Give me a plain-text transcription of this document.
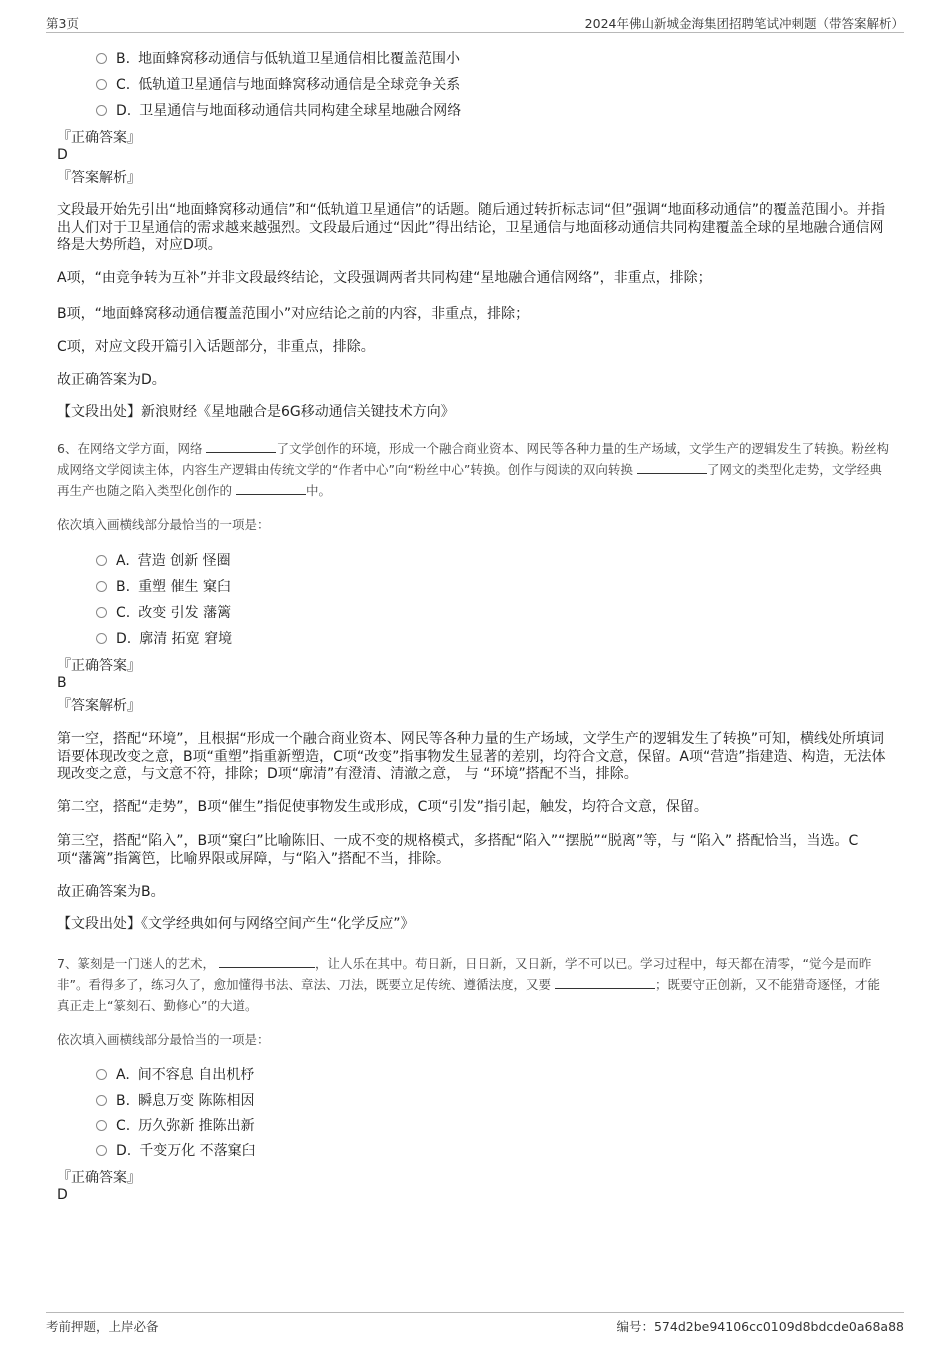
第3页	2024年佛山新城金海集团招聘笔试冲刺题（带答案解析）
B. 地面蜂窝移动通信与低轨道卫星通信相比覆盖范围小
C. 低轨道卫星通信与地面蜂窝移动通信是全球竞争关系
D. 卫星通信与地面移动通信共同构建全球星地融合网络
『正确答案』
D
『答案解析』
文段最开始先引出“地面蜂窝移动通信”和“低轨道卫星通信”的话题。随后通过转折标志词“但”强调“地面移动通信”的覆盖范围小。并指出人们对于卫星通信的需求越来越强烈。文段最后通过“因此”得出结论，卫星通信与地面移动通信共同构建覆盖全球的星地融合通信网络是大势所趋，对应D项。
A项，“由竞争转为互补”并非文段最终结论，文段强调两者共同构建“星地融合通信网络”，非重点，排除；
B项，“地面蜂窝移动通信覆盖范围小”对应结论之前的内容，非重点，排除；
C项，对应文段开篇引入话题部分，非重点，排除。
故正确答案为D。
【文段出处】新浪财经《星地融合是6G移动通信关键技术方向》
6、在网络文学方面，网络	了文学创作的环境，形成一个融合商业资本、网民等各种力量的生产场域，文学生产的逻辑发生了转换。粉丝构成网络文学阅读主体，内容生产逻辑由传统文学的“作者中心”向“粉丝中心”转换。创作与阅读的双向转换	了网文的类型化走势，文学经典再生产也随之陷入类型化创作的	中。
依次填入画横线部分最恰当的一项是：
A. 营造 创新 怪圈
B. 重塑 催生 窠臼
C. 改变 引发 藩篱
D. 廓清 拓宽 窘境
『正确答案』
B
『答案解析』
第一空，搭配“环境”，且根据“形成一个融合商业资本、网民等各种力量的生产场域，文学生产的逻辑发生了转换”可知，横线处所填词语要体现改变之意，B项“重塑”指重新塑造，C项“改变”指事物发生显著的差别，均符合文意，保留。A项“营造”指建造、构造，无法体现改变之意，与文意不符，排除；D项“廓清”有澄清、清澈之意， 与 “环境”搭配不当，排除。
第二空，搭配“走势”，B项“催生”指促使事物发生或形成，C项“引发”指引起，触发，均符合文意，保留。
第三空，搭配“陷入”，B项“窠臼”比喻陈旧、一成不变的规格模式，多搭配“陷入”“摆脱”“脱离”等，与 “陷入” 搭配恰当，当选。C项“藩篱”指篱笆，比喻界限或屏障，与“陷入”搭配不当，排除。
故正确答案为B。
【文段出处】《文学经典如何与网络空间产生“化学反应”》
7、篆刻是一门迷人的艺术，	，让人乐在其中。苟日新，日日新，又日新，学不可以已。学习过程中，每天都在清零，“觉今是而昨非”。看得多了，练习久了，愈加懂得书法、章法、刀法，既要立足传统、遵循法度，又要	；既要守正创新，又不能猎奇逐怪，才能真正走上“篆刻石、勤修心”的大道。
依次填入画横线部分最恰当的一项是：
A. 间不容息 自出机杼
B. 瞬息万变 陈陈相因
C. 历久弥新 推陈出新
D. 千变万化 不落窠臼
『正确答案』
D
考前押题，上岸必备	编号：574d2be94106cc0109d8bdcde0a68a88
